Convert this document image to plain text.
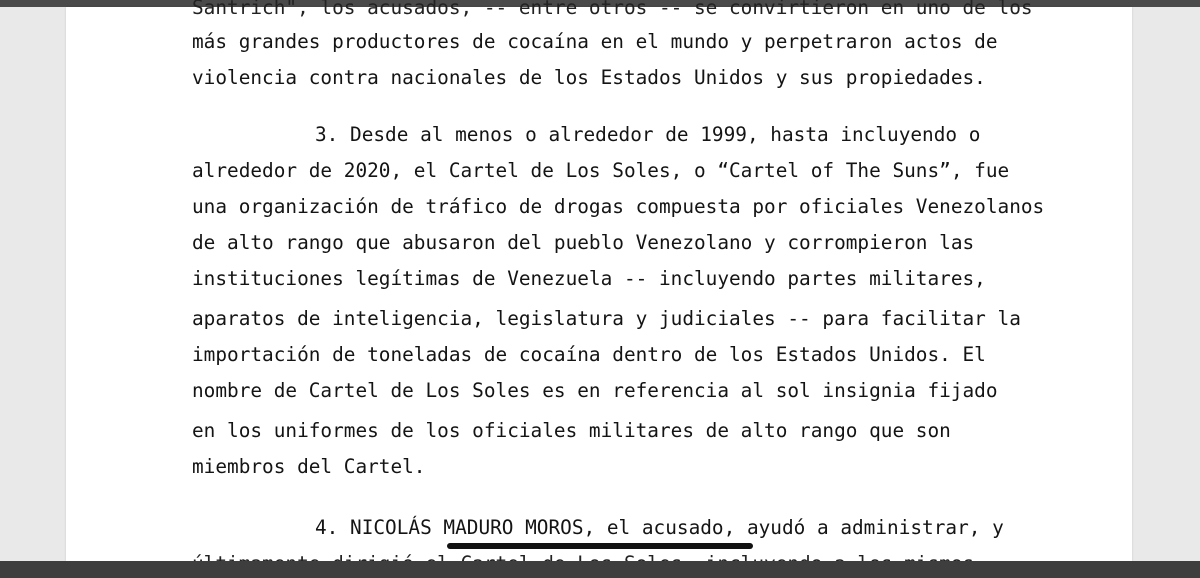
Santrich", los acusados, -- entre otros -- se convirtieron en uno de los
más grandes productores de cocaína en el mundo y perpetraron actos de
violencia contra nacionales de los Estados Unidos y sus propiedades.
3. Desde al menos o alrededor de 1999, hasta incluyendo o
alrededor de 2020, el Cartel de Los Soles, o “Cartel of The Suns”, fue
una organización de tráfico de drogas compuesta por oficiales Venezolanos
de alto rango que abusaron del pueblo Venezolano y corrompieron las
instituciones legítimas de Venezuela -- incluyendo partes militares,
aparatos de inteligencia, legislatura y judiciales -- para facilitar la
importación de toneladas de cocaína dentro de los Estados Unidos. El
nombre de Cartel de Los Soles es en referencia al sol insignia fijado
en los uniformes de los oficiales militares de alto rango que son
miembros del Cartel.
4. NICOLÁS MADURO MOROS, el acusado, ayudó a administrar, y
